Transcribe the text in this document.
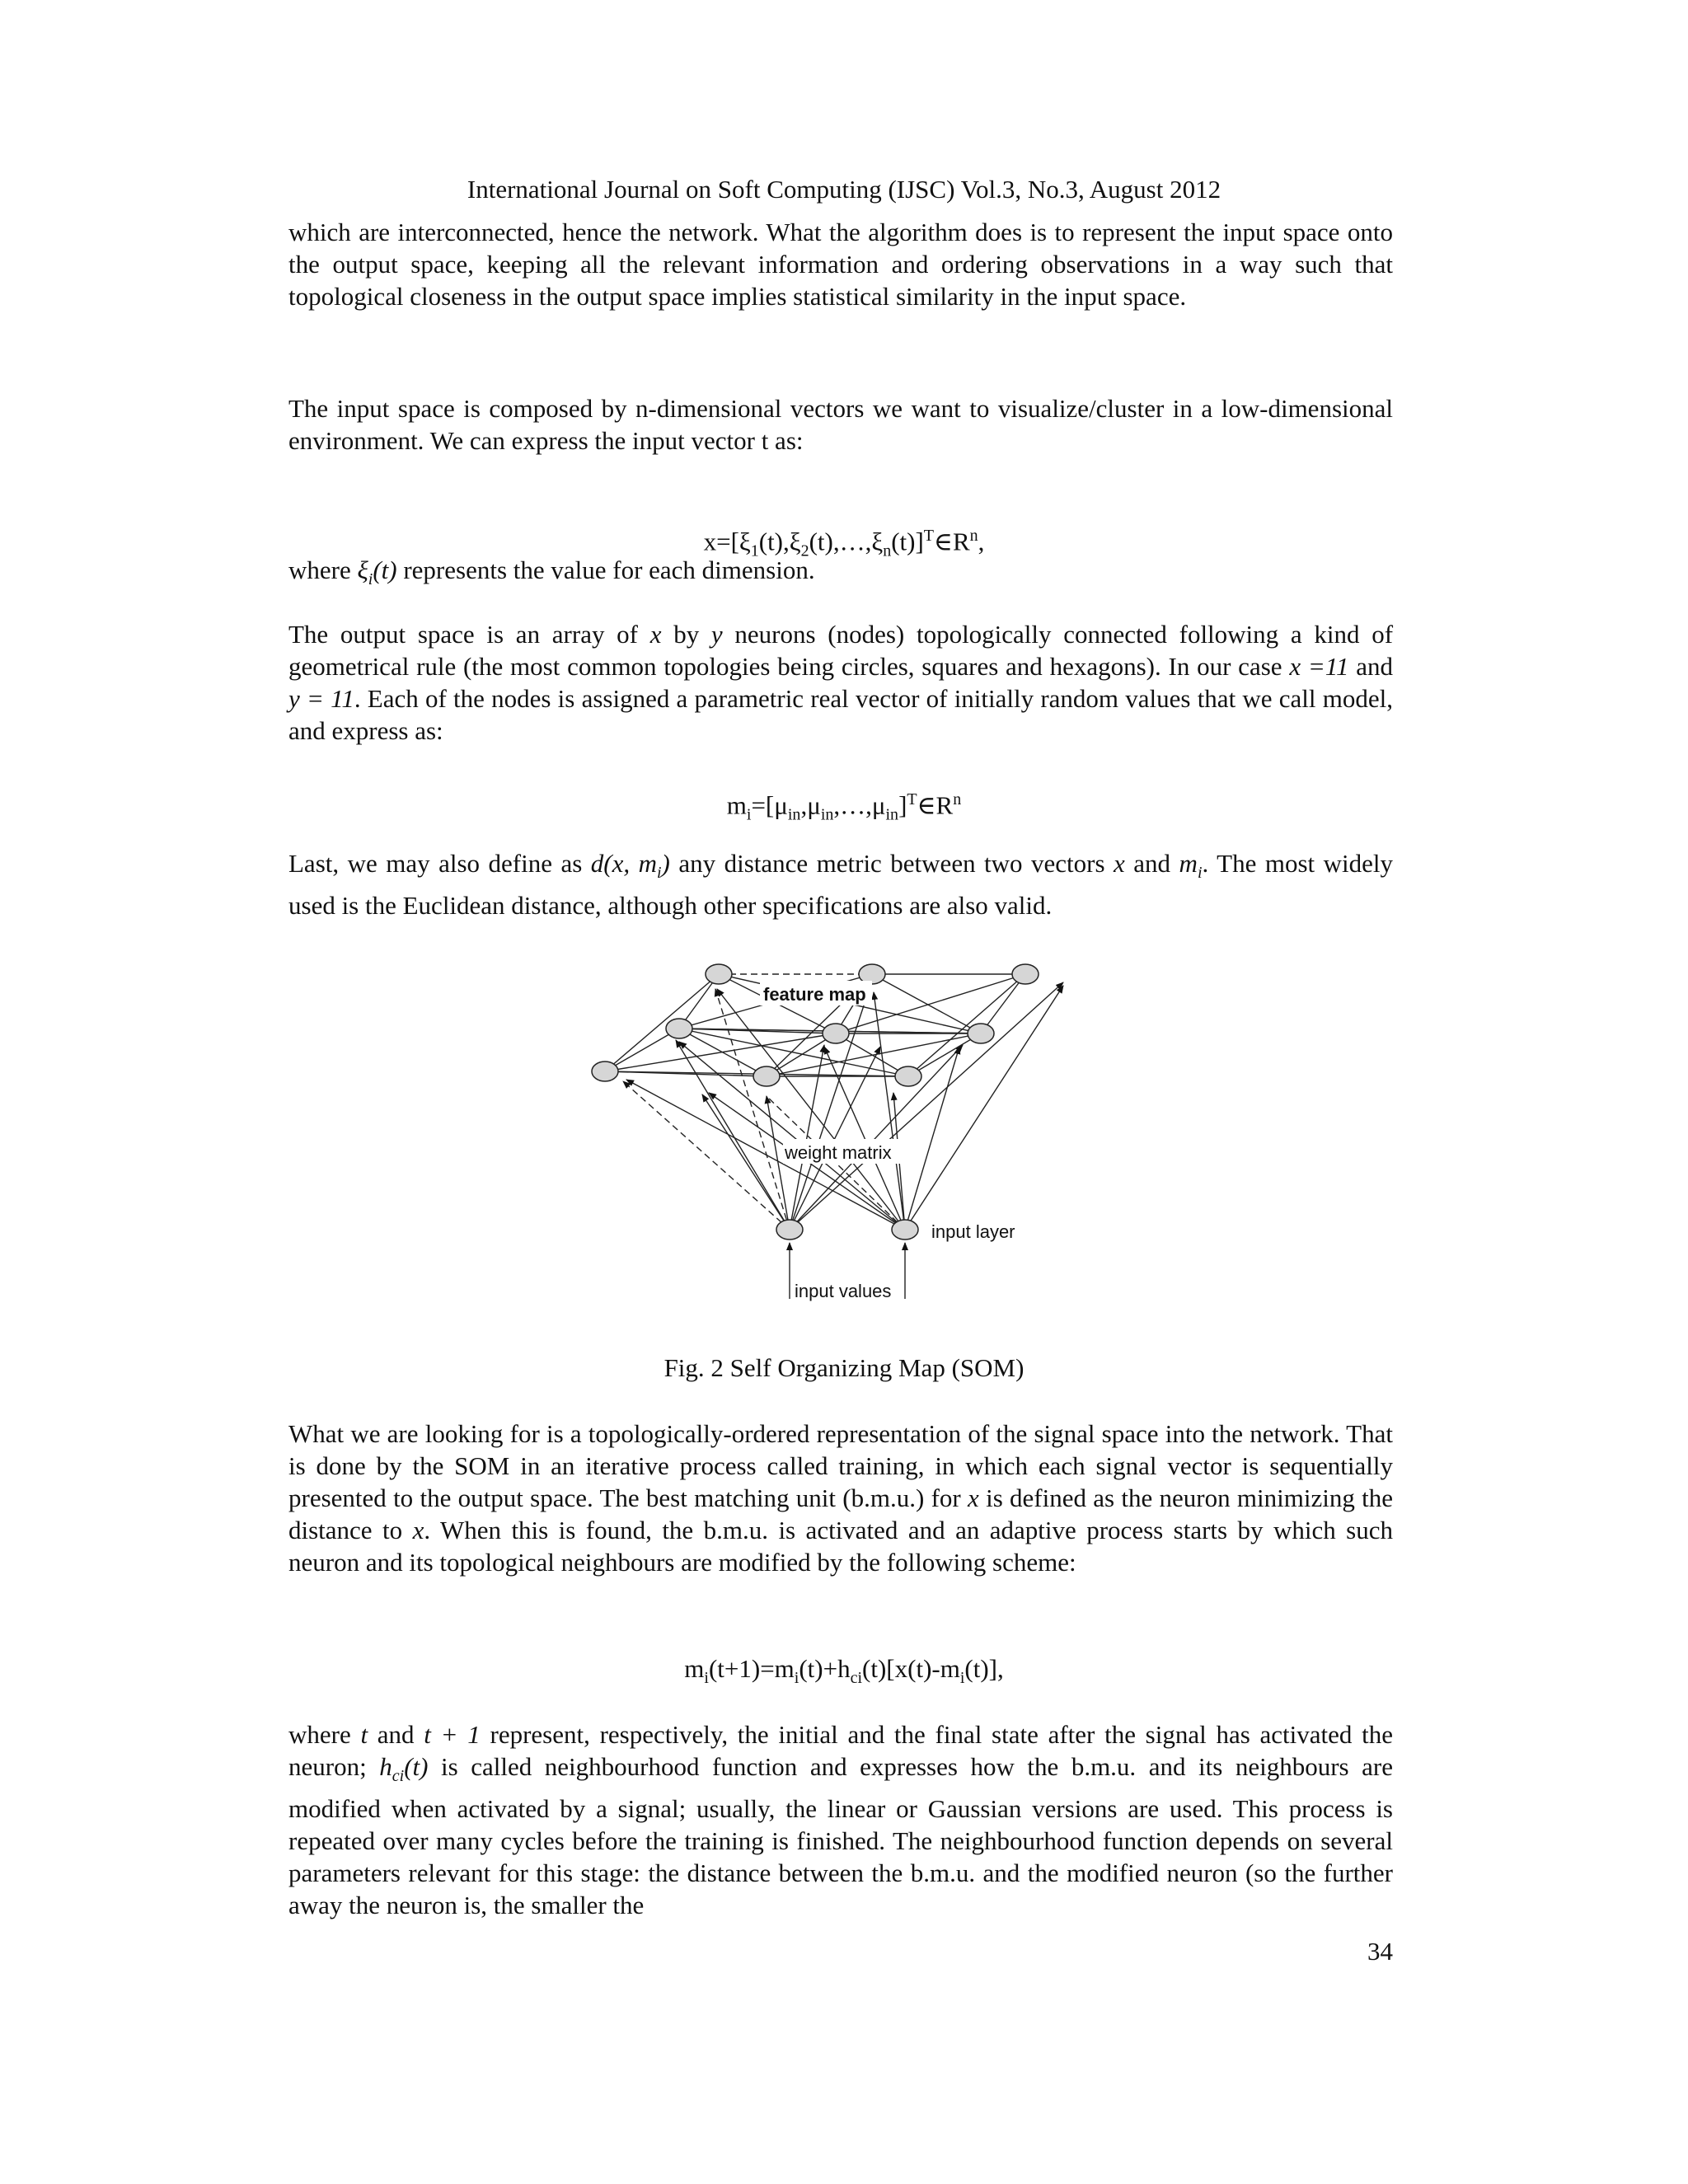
International Journal on Soft Computing (IJSC) Vol.3, No.3, August 2012

which are interconnected, hence the network. What the algorithm does is to represent the input space onto the output space, keeping all the relevant information and ordering observations in a way such that topological closeness in the output space implies statistical similarity in the input space.

The input space is composed by n-dimensional vectors we want to visualize/cluster in a low-dimensional environment. We can express the input vector t as:

$x=[\xi_1(t),\xi_2(t),\dots,\xi_n(t)]^T\in R^n$,

where $\xi_i(t)$ represents the value for each dimension.

The output space is an array of x by y neurons (nodes) topologically connected following a kind of geometrical rule (the most common topologies being circles, squares and hexagons). In our case x =11 and y = 11. Each of the nodes is assigned a parametric real vector of initially random values that we call model, and express as:

$m_i=[\mu_{in},\mu_{in},\dots,\mu_{in}]^T\in R^n$

Last, we may also define as d(x, $m_i$) any distance metric between two vectors x and $m_i$. The most widely used is the Euclidean distance, although other specifications are also valid.

feature map
weight matrix
input layer
input values
Fig. 2 Self Organizing Map (SOM)

What we are looking for is a topologically-ordered representation of the signal space into the network. That is done by the SOM in an iterative process called training, in which each signal vector is sequentially presented to the output space. The best matching unit (b.m.u.) for x is defined as the neuron minimizing the distance to x. When this is found, the b.m.u. is activated and an adaptive process starts by which such neuron and its topological neighbours are modified by the following scheme:

$m_i(t+1)=m_i(t)+h_{ci}(t)[x(t)-m_i(t)]$,

where t and t + 1 represent, respectively, the initial and the final state after the signal has activated the neuron; $h_{ci}(t)$ is called neighbourhood function and expresses how the b.m.u. and its neighbours are modified when activated by a signal; usually, the linear or Gaussian versions are used. This process is repeated over many cycles before the training is finished. The neighbourhood function depends on several parameters relevant for this stage: the distance between the b.m.u. and the modified neuron (so the further away the neuron is, the smaller the

34
